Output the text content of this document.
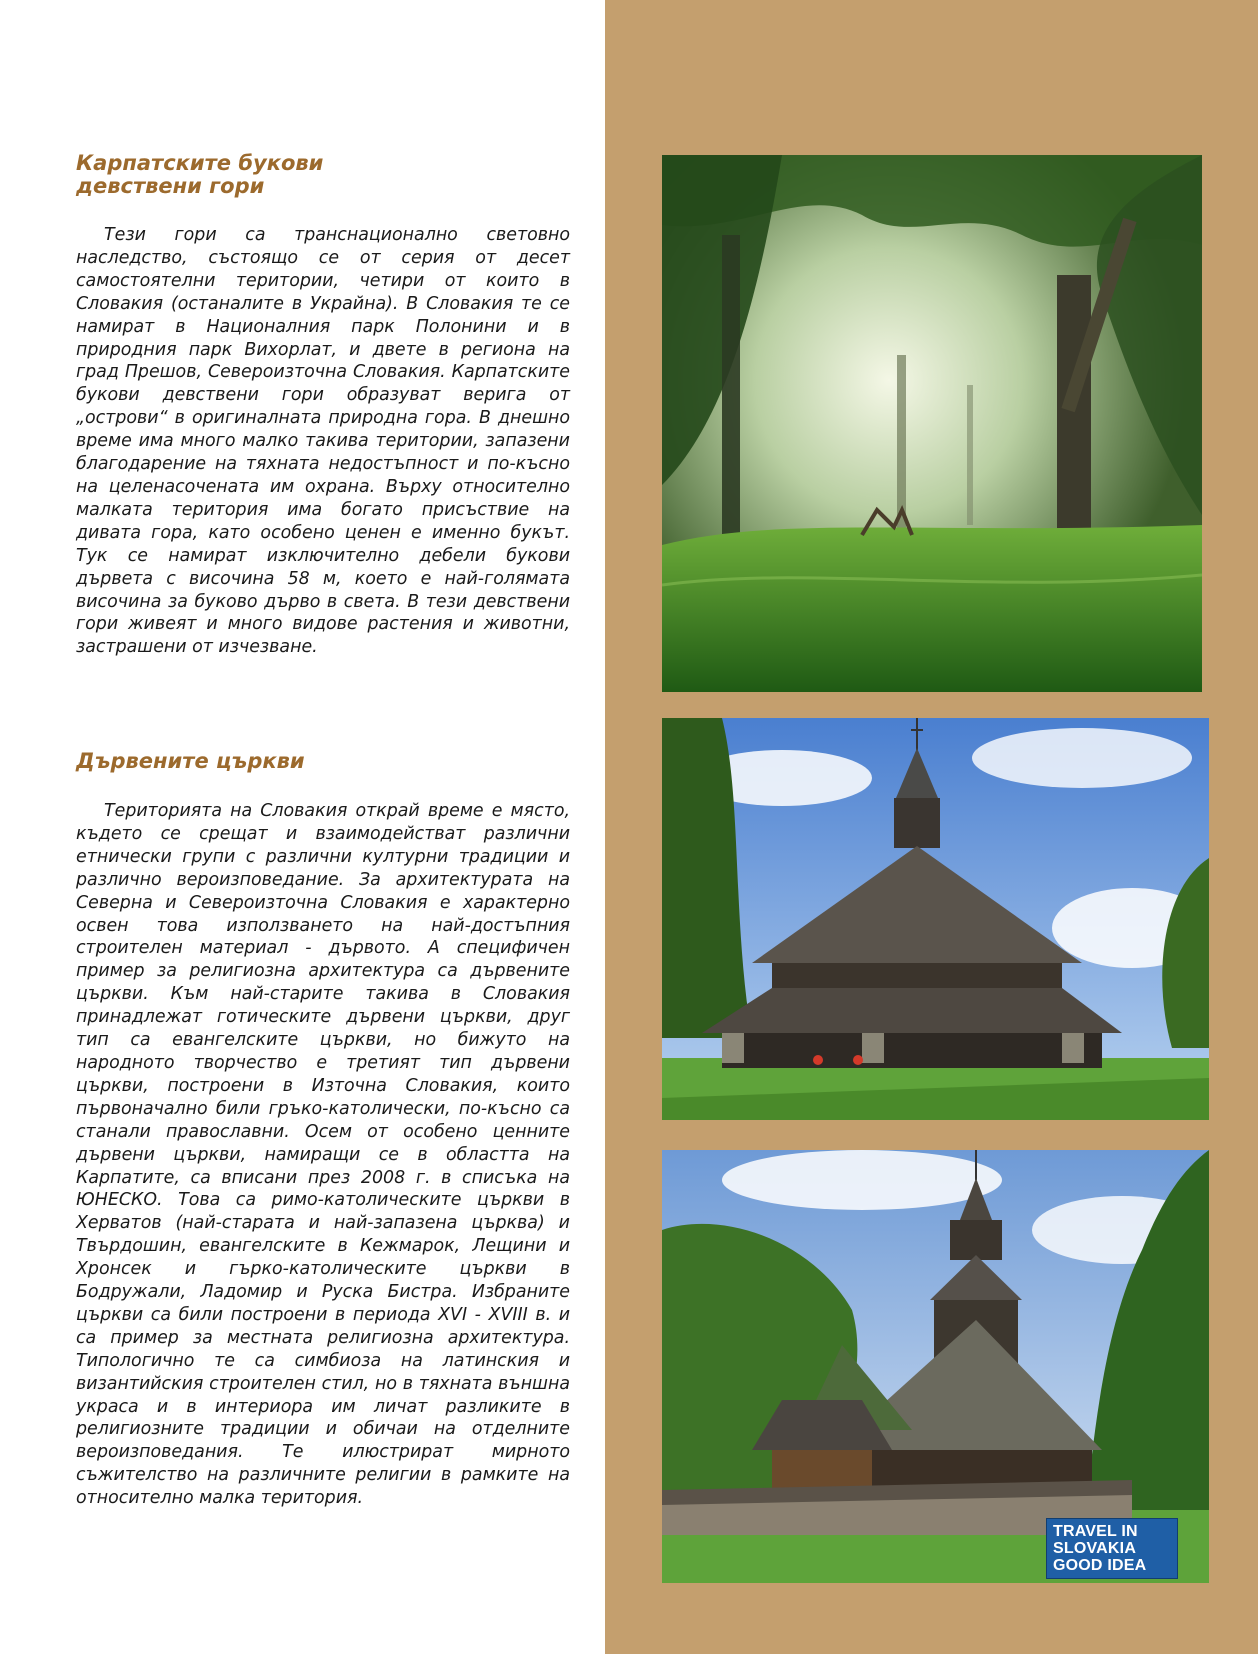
Карпатските букови
девствени гори

Тези гори са транснационално световно наследство, състоящо се от серия от десет самостоятелни територии, четири от които в Словакия (останалите в Украйна). В Словакия те се намират в Националния парк Полонини и в природния парк Вихорлат, и двете в региона на град Прешов, Североизточна Словакия. Карпатските букови девствени гори образуват верига от „острови“ в оригиналната природна гора. В днешно време има много малко такива територии, запазени благодарение на тяхната недостъпност и по-късно на целенасочената им охрана. Върху относително малката територия има богато присъствие на дивата гора, като особено ценен е именно букът. Тук се намират изключително дебели букови дървета с височина 58 м, което е най-голямата височина за буково дърво в света. В тези девствени гори живеят и много видове растения и животни, застрашени от изчезване.

Дървените църкви

Територията на Словакия открай време е място, където се срещат и взаимодействат различни етнически групи с различни културни традиции и различно вероизповедание. За архитектурата на Северна и Североизточна Словакия е характерно освен това използването на най-достъпния строителен материал - дървото. А специфичен пример за религиозна архитектура са дървените църкви. Към най-старите такива в Словакия принадлежат готическите дървени църкви, друг тип са евангелските църкви, но бижуто на народното творчество е третият тип дървени църкви, построени в Източна Словакия, които първоначално били гръко-католически, по-късно са станали православни. Осем от особено ценните дървени църкви, намиращи се в областта на Карпатите, са вписани през 2008 г. в списъка на ЮНЕСКО. Това са римо-католическите църкви в Херватов (най-старата и най-запазена църква) и Твърдошин, евангелските в Кежмарок, Лещини и Хронсек и гърко-католическите църкви в Бодружали, Ладомир и Руска Бистра. Избраните църкви са били построени в периода XVI - XVIII в. и са пример за местната религиозна архитектура. Типологично те са симбиоза на латинския и византийския строителен стил, но в тяхната външна украса и в интериора им личат разликите в религиозните традиции и обичаи на отделните вероизповедания. Те илюстрират мирното съжителство на различните религии в рамките на относително малка територия.

TRAVEL IN
SLOVAKIA
GOOD IDEA
